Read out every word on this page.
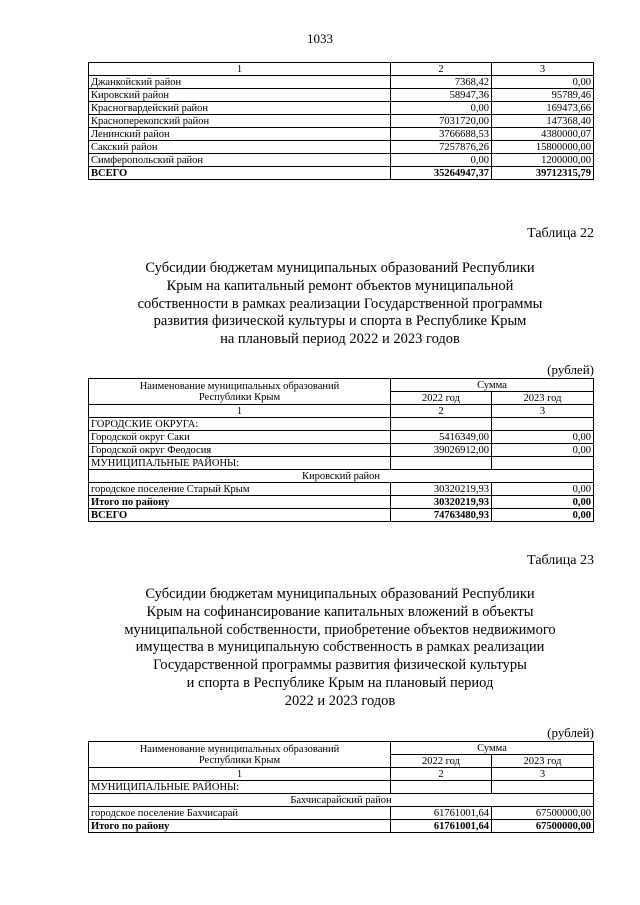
1033
1	2	3
Джанкойский район	7368,42	0,00
Кировский район	58947,36	95789,46
Красногвардейский район	0,00	169473,66
Красноперекопский район	7031720,00	147368,40
Ленинский район	3766688,53	4380000,07
Сакский район	7257876,26	15800000,00
Симферопольский район	0,00	1200000,00
ВСЕГО	35264947,37	39712315,79
Таблица 22
Субсидии бюджетам муниципальных образований Республики
Крым на капитальный ремонт объектов муниципальной
собственности в рамках реализации Государственной программы
развития физической культуры и спорта в Республике Крым
на плановый период 2022 и 2023 годов
(рублей)
Наименование муниципальных образований
Республики Крым	Сумма	
	2022 год	2023 год
1	2	3
ГОРОДСКИЕ ОКРУГА:		
Городской округ Саки	5416349,00	0,00
Городской округ Феодосия	39026912,00	0,00
МУНИЦИПАЛЬНЫЕ РАЙОНЫ:		
Кировский район		
городское поселение Старый Крым	30320219,93	0,00
Итого по району	30320219,93	0,00
ВСЕГО	74763480,93	0,00
Таблица 23
Субсидии бюджетам муниципальных образований Республики
Крым на софинансирование капитальных вложений в объекты
муниципальной собственности, приобретение объектов недвижимого
имущества в муниципальную собственность в рамках реализации
Государственной программы развития физической культуры
и спорта в Республике Крым на плановый период
2022 и 2023 годов
(рублей)
Наименование муниципальных образований
Республики Крым	Сумма	
	2022 год	2023 год
1	2	3
МУНИЦИПАЛЬНЫЕ РАЙОНЫ:		
Бахчисарайский район		
городское поселение Бахчисарай	61761001,64	67500000,00
Итого по району	61761001,64	67500000,00
